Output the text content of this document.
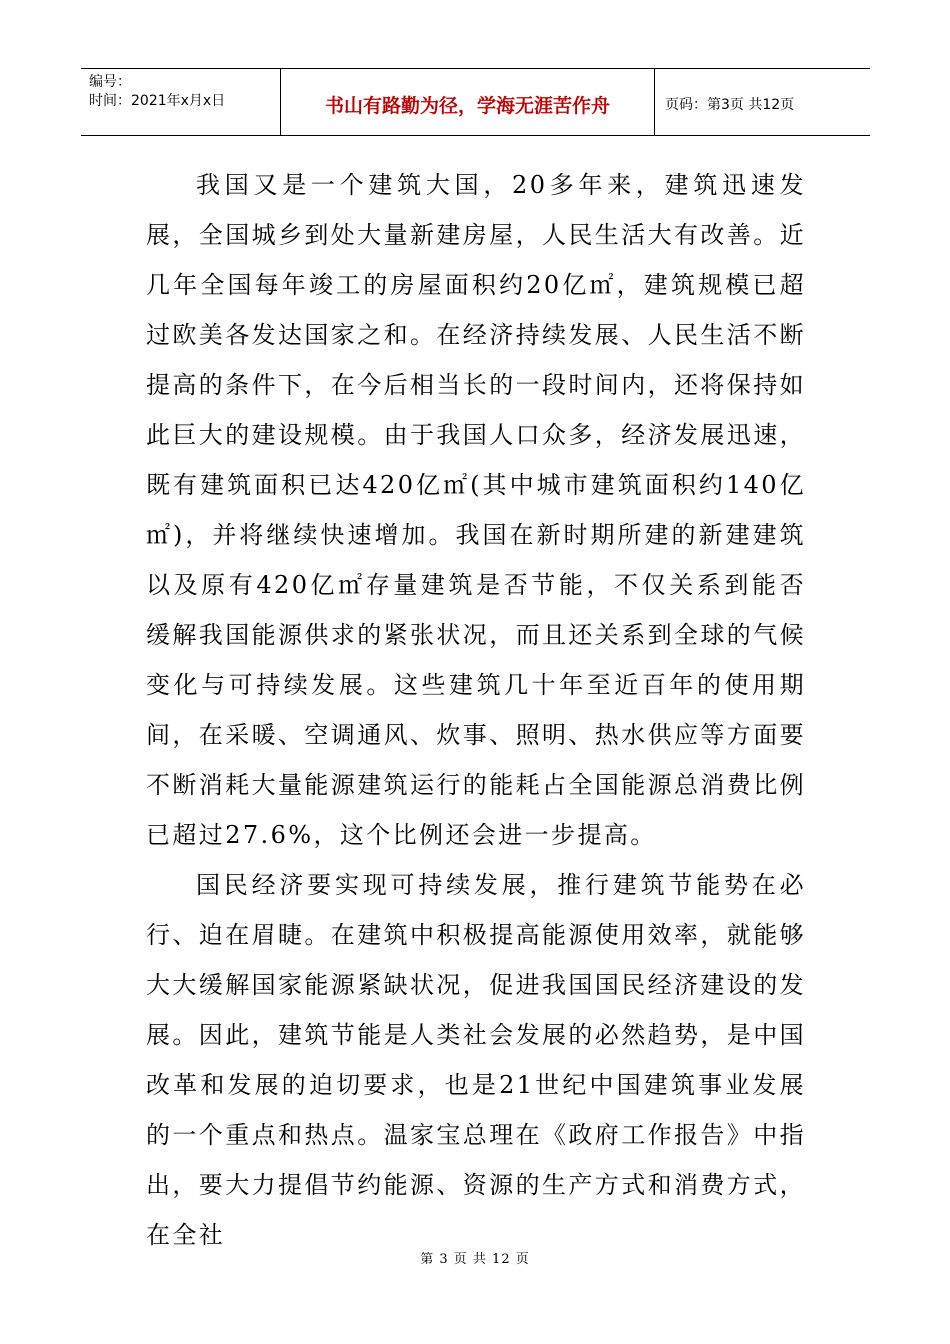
编号：
时间：2021年x月x日	书山有路勤为径，学海无涯苦作舟	页码：第3页 共12页

我国又是一个建筑大国，20多年来，建筑迅速发展，全国城乡到处大量新建房屋，人民生活大有改善。近几年全国每年竣工的房屋面积约20亿㎡，建筑规模已超过欧美各发达国家之和。在经济持续发展、人民生活不断提高的条件下，在今后相当长的一段时间内，还将保持如此巨大的建设规模。由于我国人口众多，经济发展迅速，既有建筑面积已达420亿㎡(其中城市建筑面积约140亿㎡)，并将继续快速增加。我国在新时期所建的新建建筑以及原有420亿㎡存量建筑是否节能，不仅关系到能否缓解我国能源供求的紧张状况，而且还关系到全球的气候变化与可持续发展。这些建筑几十年至近百年的使用期间，在采暖、空调通风、炊事、照明、热水供应等方面要不断消耗大量能源建筑运行的能耗占全国能源总消费比例已超过27.6%，这个比例还会进一步提高。

国民经济要实现可持续发展，推行建筑节能势在必行、迫在眉睫。在建筑中积极提高能源使用效率，就能够大大缓解国家能源紧缺状况，促进我国国民经济建设的发展。因此，建筑节能是人类社会发展的必然趋势，是中国改革和发展的迫切要求，也是21世纪中国建筑事业发展的一个重点和热点。温家宝总理在《政府工作报告》中指出，要大力提倡节约能源、资源的生产方式和消费方式，在全社

第 3 页 共 12 页
